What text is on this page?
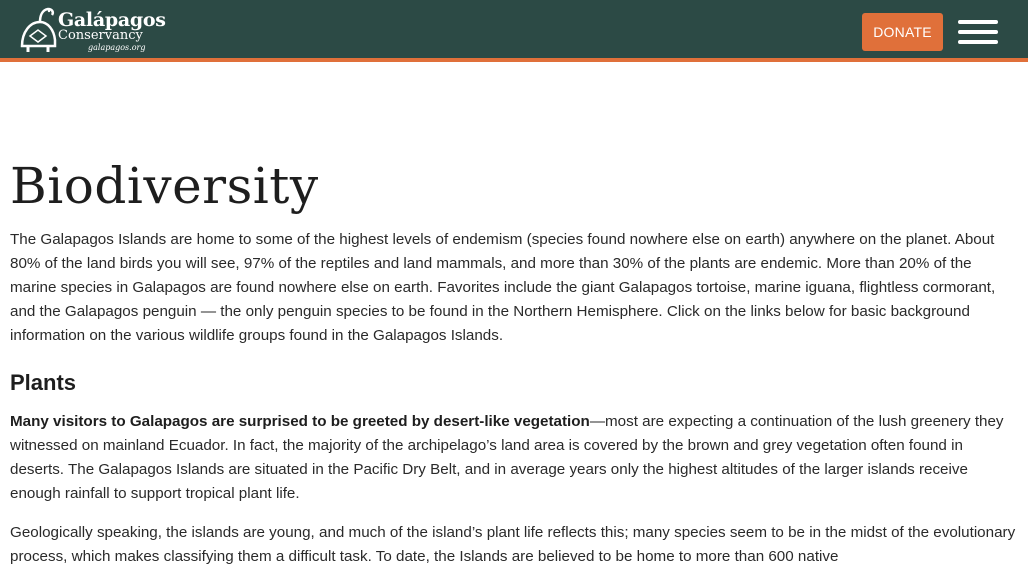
Galápagos
Conservancy
galapagos.org
DONATE
Biodiversity

The Galapagos Islands are home to some of the highest levels of endemism (species found nowhere else on earth) anywhere on the planet. About 80% of the land birds you will see, 97% of the reptiles and land mammals, and more than 30% of the plants are endemic. More than 20% of the marine species in Galapagos are found nowhere else on earth. Favorites include the giant Galapagos tortoise, marine iguana, flightless cormorant, and the Galapagos penguin — the only penguin species to be found in the Northern Hemisphere. Click on the links below for basic background information on the various wildlife groups found in the Galapagos Islands.

Plants

Many visitors to Galapagos are surprised to be greeted by desert-like vegetation—most are expecting a continuation of the lush greenery they witnessed on mainland Ecuador. In fact, the majority of the archipelago’s land area is covered by the brown and grey vegetation often found in deserts. The Galapagos Islands are situated in the Pacific Dry Belt, and in average years only the highest altitudes of the larger islands receive enough rainfall to support tropical plant life.

Geologically speaking, the islands are young, and much of the island’s plant life reflects this; many species seem to be in the midst of the evolutionary process, which makes classifying them a difficult task. To date, the Islands are believed to be home to more than 600 native
